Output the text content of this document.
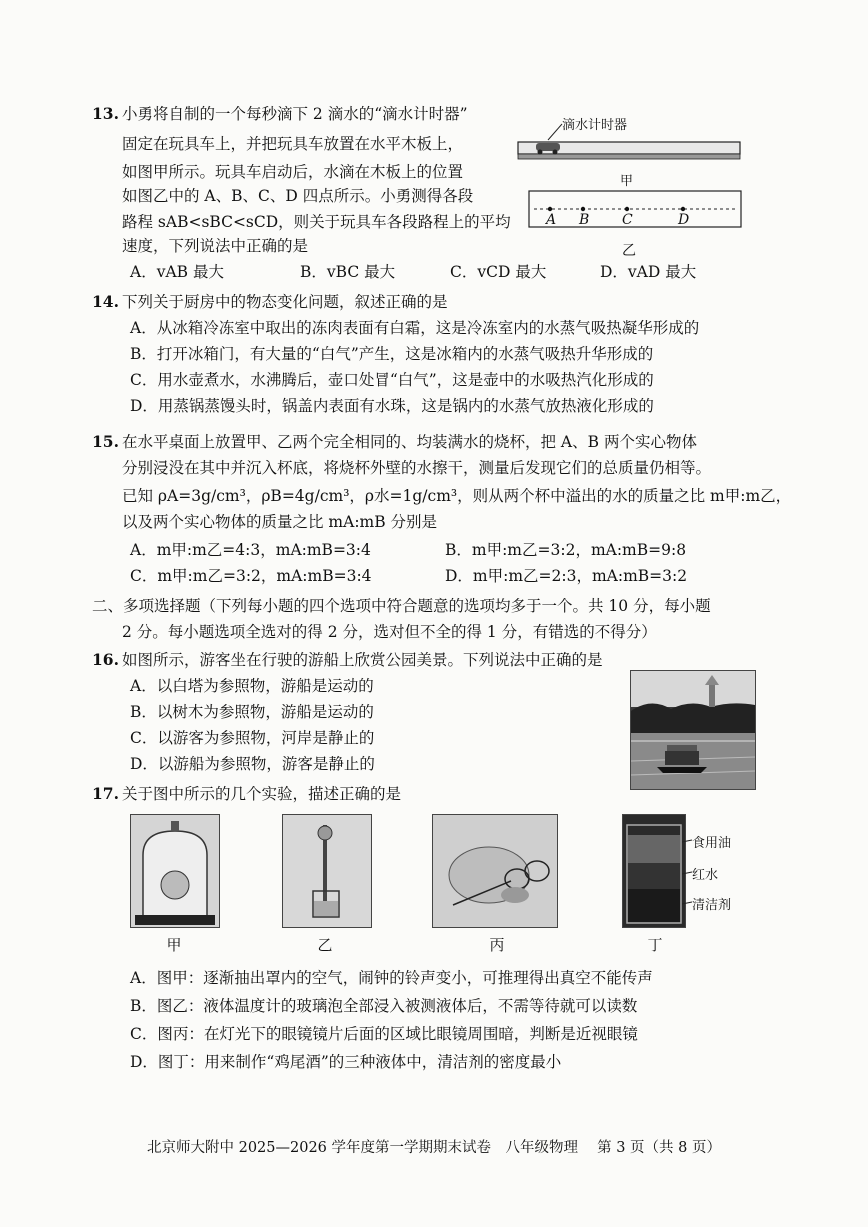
13. 小勇将自制的一个每秒滴下 2 滴水的“滴水计时器”
固定在玩具车上，并把玩具车放置在水平木板上，
如图甲所示。玩具车启动后，水滴在木板上的位置
如图乙中的 A、B、C、D 四点所示。小勇测得各段
路程 sAB<sBC<sCD，则关于玩具车各段路程上的平均
速度，下列说法中正确的是
A．vAB 最大	B．vBC 最大	C．vCD 最大	D．vAD 最大
滴水计时器
甲
A B C	D
乙
14. 下列关于厨房中的物态变化问题，叙述正确的是
A．从冰箱冷冻室中取出的冻肉表面有白霜，这是冷冻室内的水蒸气吸热凝华形成的
B．打开冰箱门，有大量的“白气”产生，这是冰箱内的水蒸气吸热升华形成的
C．用水壶煮水，水沸腾后，壶口处冒“白气”，这是壶中的水吸热汽化形成的
D．用蒸锅蒸馒头时，锅盖内表面有水珠，这是锅内的水蒸气放热液化形成的
15. 在水平桌面上放置甲、乙两个完全相同的、均装满水的烧杯，把 A、B 两个实心物体
分别浸没在其中并沉入杯底，将烧杯外壁的水擦干，测量后发现它们的总质量仍相等。
已知 ρA=3g/cm³，ρB=4g/cm³，ρ水=1g/cm³，则从两个杯中溢出的水的质量之比 m甲:m乙，
以及两个实心物体的质量之比 mA:mB 分别是
A．m甲:m乙=4:3，mA:mB=3:4	B．m甲:m乙=3:2，mA:mB=9:8
C．m甲:m乙=3:2，mA:mB=3:4	D．m甲:m乙=2:3，mA:mB=3:2
二、多项选择题（下列每小题的四个选项中符合题意的选项均多于一个。共 10 分，每小题
2 分。每小题选项全选对的得 2 分，选对但不全的得 1 分，有错选的不得分）
16. 如图所示，游客坐在行驶的游船上欣赏公园美景。下列说法中正确的是
A．以白塔为参照物，游船是运动的
B．以树木为参照物，游船是运动的
C．以游客为参照物，河岸是静止的
D．以游船为参照物，游客是静止的
17. 关于图中所示的几个实验，描述正确的是
甲	乙	丙
食用油
红水
清洁剂
丁
A．图甲：逐渐抽出罩内的空气，闹钟的铃声变小，可推理得出真空不能传声
B．图乙：液体温度计的玻璃泡全部浸入被测液体后，不需等待就可以读数
C．图丙：在灯光下的眼镜镜片后面的区域比眼镜周围暗，判断是近视眼镜
D．图丁：用来制作“鸡尾酒”的三种液体中，清洁剂的密度最小
北京师大附中 2025—2026 学年度第一学期期末试卷　八年级物理　 第 3 页（共 8 页）
